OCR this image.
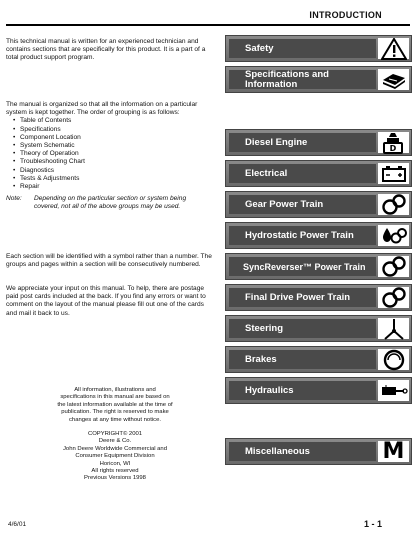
INTRODUCTION

This technical manual is written for an experienced technician and contains sections that are specifically for this product. It is a part of a total product support program.

The manual is organized so that all the information on a particular system is kept together. The order of grouping is as follows:

• Table of Contents
• Specifications
• Component Location
• System Schematic
• Theory of Operation
• Troubleshooting Chart
• Diagnostics
• Tests & Adjustments
• Repair
Note:	Depending on the particular section or system being covered, not all of the above groups may be used.

Each section will be identified with a symbol rather than a number. The groups and pages within a section will be consecutively numbered.

We appreciate your input on this manual. To help, there are postage paid post cards included at the back. If you find any errors or want to comment on the layout of the manual please fill out one of the cards and mail it back to us.

All information, illustrations and

specifications in this manual are based on

the latest information available at the time of

publication. The right is reserved to make

changes at any time without notice.

COPYRIGHT© 2001

Deere & Co.

John Deere Worldwide Commercial and

Consumer Equipment Division

Horicon, WI

All rights reserved

Previous Versions 1998

Safety
Specifications and Information
Diesel Engine
D
Electrical
Gear Power Train
Hydrostatic Power Train
SyncReverser™ Power Train
Final Drive Power Train
Steering
Brakes
Hydraulics
Miscellaneous	M
4/6/01	1 - 1
